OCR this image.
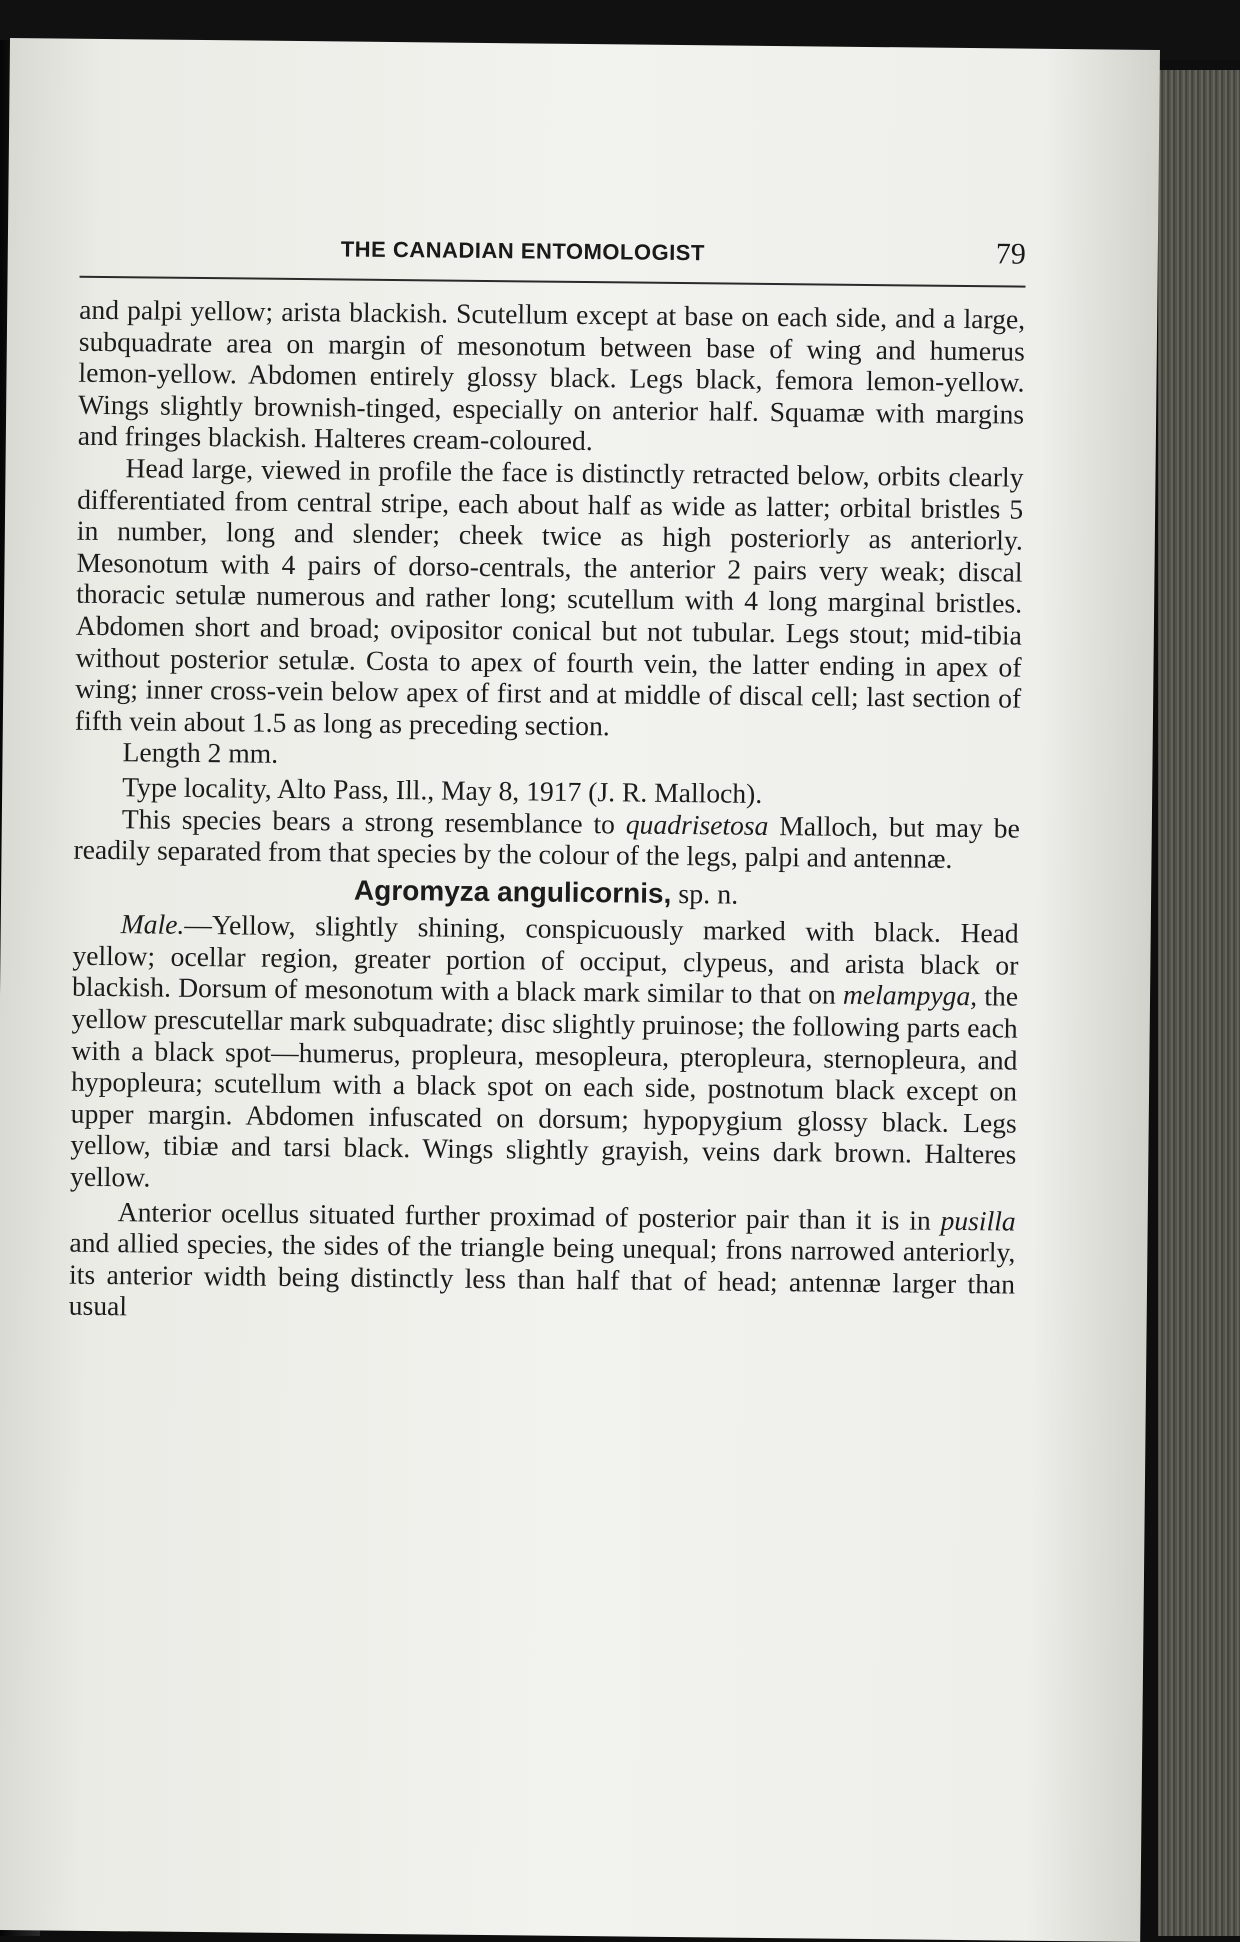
THE CANADIAN ENTOMOLOGIST	79

and palpi yellow; arista blackish. Scutellum except at base on each side, and a large, subquadrate area on margin of mesonotum between base of wing and humerus lemon-yellow. Abdomen entirely glossy black. Legs black, femora lemon-yellow. Wings slightly brownish-tinged, especially on anterior half. Squamæ with margins and fringes blackish. Halteres cream-coloured.

Head large, viewed in profile the face is distinctly retracted below, orbits clearly differentiated from central stripe, each about half as wide as latter; orbital bristles 5 in number, long and slender; cheek twice as high posteriorly as anteriorly. Mesonotum with 4 pairs of dorso-centrals, the anterior 2 pairs very weak; discal thoracic setulæ numerous and rather long; scutellum with 4 long marginal bristles. Abdomen short and broad; ovipositor conical but not tubular. Legs stout; mid-tibia without posterior setulæ. Costa to apex of fourth vein, the latter ending in apex of wing; inner cross-vein below apex of first and at middle of discal cell; last section of fifth vein about 1.5 as long as preceding section.

Length 2 mm.

Type locality, Alto Pass, Ill., May 8, 1917 (J. R. Malloch).

This species bears a strong resemblance to quadrisetosa Malloch, but may be readily separated from that species by the colour of the legs, palpi and antennæ.

Agromyza angulicornis, sp. n.

Male.—Yellow, slightly shining, conspicuously marked with black. Head yellow; ocellar region, greater portion of occiput, clypeus, and arista black or blackish. Dorsum of mesonotum with a black mark similar to that on melampyga, the yellow prescutellar mark subquadrate; disc slightly pruinose; the following parts each with a black spot—humerus, propleura, mesopleura, pteropleura, sternopleura, and hypopleura; scutellum with a black spot on each side, postnotum black except on upper margin. Abdomen infuscated on dorsum; hypopygium glossy black. Legs yellow, tibiæ and tarsi black. Wings slightly grayish, veins dark brown. Halteres yellow.

Anterior ocellus situated further proximad of posterior pair than it is in pusilla and allied species, the sides of the triangle being unequal; frons narrowed anteriorly, its anterior width being distinctly less than half that of head; antennæ larger than usual
